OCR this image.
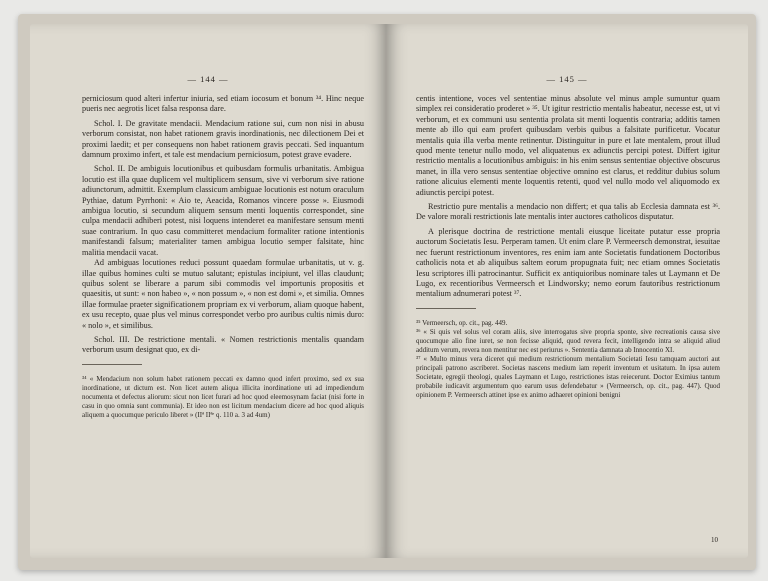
— 144 —

perniciosum quod alteri infertur iniuria, sed etiam iocosum et bonum ³⁴. Hinc neque pueris nec aegrotis licet falsa responsa dare.

Schol. I. De gravitate mendacii. Mendacium ratione sui, cum non nisi in abusu verborum consistat, non habet rationem gravis inordinationis, nec dilectionem Dei et proximi laedit; et per consequens non habet rationem gravis peccati. Sed inquantum damnum proximo infert, et tale est mendacium perniciosum, potest grave evadere.

Schol. II. De ambiguis locutionibus et quibusdam formulis urbanitatis. Ambigua locutio est illa quae duplicem vel multiplicem sensum, sive vi verborum sive ratione adiunctorum, admittit. Exemplum classicum ambiguae locutionis est notum oraculum Pythiae, datum Pyrrhoni: « Aio te, Aeacida, Romanos vincere posse ». Eiusmodi ambigua locutio, si secundum aliquem sensum menti loquentis correspondet, sine culpa mendacii adhiberi potest, nisi loquens intenderet ea manifestare sensum menti suae contrarium. In quo casu committeret mendacium formaliter ratione intentionis manifestandi falsum; materialiter tamen ambigua locutio semper falsitate, hinc malitia mendacii vacat.

Ad ambiguas locutiones reduci possunt quaedam formulae urbanitatis, ut v. g. illae quibus homines culti se mutuo salutant; epistulas incipiunt, vel illas claudunt; quibus solent se liberare a parum sibi commodis vel importunis propositis et quaesitis, ut sunt: « non habeo », « non possum », « non est domi », et similia. Omnes illae formulae praeter significationem propriam ex vi verborum, aliam quoque habent, ex usu recepto, quae plus vel minus correspondet verbo pro auribus cultis nimis duro: « nolo », et similibus.

Schol. III. De restrictione mentali. « Nomen restrictionis mentalis quandam verborum usum designat quo, ex di-

³⁴ « Mendacium non solum habet rationem peccati ex damno quod infert proximo, sed ex sua inordinatione, ut dictum est. Non licet autem aliqua illicita inordinatione uti ad impediendum nocumenta et defectus aliorum: sicut non licet furari ad hoc quod eleemosynam faciat (nisi forte in casu in quo omnia sunt communia). Et ideo non est licitum mendacium dicere ad hoc quod aliquis aliquem a quocumque periculo liberet » (IIª IIªᵉ q. 110 a. 3 ad 4um)

— 145 —

centis intentione, voces vel sententiae minus absolute vel minus ample sumuntur quam simplex rei consideratio proderet » ³⁵. Ut igitur restrictio mentalis habeatur, necesse est, ut vi verborum, et ex communi usu sententia prolata sit menti loquentis contraria; additis tamen mente ab illo qui eam profert quibusdam verbis quibus a falsitate purificetur. Vocatur mentalis quia illa verba mente retinentur. Distinguitur in pure et late mentalem, prout illud quod mente tenetur nullo modo, vel aliquatenus ex adiunctis percipi potest. Differt igitur restrictio mentalis a locutionibus ambiguis: in his enim sensus sententiae objective obscurus manet, in illa vero sensus sententiae objective omnino est clarus, et redditur dubius solum ratione alicuius elementi mente loquentis retenti, quod vel nullo modo vel aliquomodo ex adiunctis percipi potest.

Restrictio pure mentalis a mendacio non differt; et qua talis ab Ecclesia damnata est ³⁶. De valore morali restrictionis late mentalis inter auctores catholicos disputatur.

A plerisque doctrina de restrictione mentali eiusque liceitate putatur esse propria auctorum Societatis Iesu. Perperam tamen. Ut enim clare P. Vermeersch demonstrat, iesuitae nec fuerunt restrictionum inventores, res enim iam ante Societatis fundationem Doctoribus catholicis nota et ab aliquibus saltem eorum propugnata fuit; nec etiam omnes Societatis Iesu scriptores illi patrocinantur. Sufficit ex antiquioribus nominare tales ut Laymann et De Lugo, ex recentioribus Vermeersch et Lindworsky; nemo eorum fautoribus restrictionum mentalium adnumerari potest ³⁷.

³⁵ Vermeersch, op. cit., pag. 449.

³⁶ « Si quis vel solus vel coram aliis, sive interrogatus sive propria sponte, sive recreationis causa sive quocumque alio fine iuret, se non fecisse aliquid, quod revera fecit, intelligendo intra se aliquid aliud additum verum, revera non mentitur nec est periurus ». Sententia damnata ab Innocentio XI.

³⁷ « Multo minus vera diceret qui medium restrictionum mentalium Societati Iesu tamquam auctori aut principali patrono ascriberet. Societas nascens medium iam reperit inventum et usitatum. In ipsa autem Societate, egregii theologi, quales Laymann et Lugo, restrictiones istas reiecerunt. Doctor Eximius tantum probabile iudicavit argumentum quo earum usus defendebatur » (Vermeersch, op. cit., pag. 447). Quod opinionem P. Vermeersch attinet ipse ex animo adhaeret opinioni benigni

10
